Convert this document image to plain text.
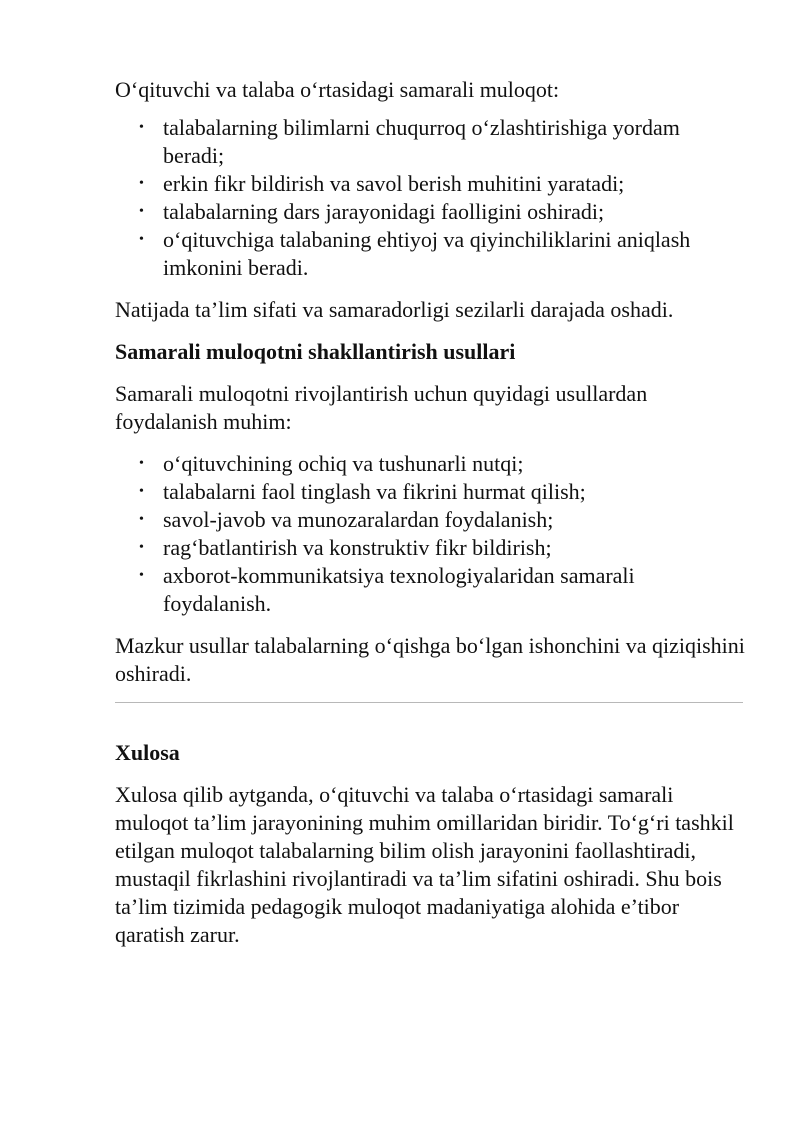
O‘qituvchi va talaba o‘rtasidagi samarali muloqot:

• talabalarning bilimlarni chuqurroq o‘zlashtirishiga yordam beradi;
• erkin fikr bildirish va savol berish muhitini yaratadi;
• talabalarning dars jarayonidagi faolligini oshiradi;
• o‘qituvchiga talabaning ehtiyoj va qiyinchiliklarini aniqlash imkonini beradi.

Natijada ta’lim sifati va samaradorligi sezilarli darajada oshadi.

Samarali muloqotni shakllantirish usullari

Samarali muloqotni rivojlantirish uchun quyidagi usullardan foydalanish muhim:

• o‘qituvchining ochiq va tushunarli nutqi;
• talabalarni faol tinglash va fikrini hurmat qilish;
• savol-javob va munozaralardan foydalanish;
• rag‘batlantirish va konstruktiv fikr bildirish;
• axborot-kommunikatsiya texnologiyalaridan samarali foydalanish.

Mazkur usullar talabalarning o‘qishga bo‘lgan ishonchini va qiziqishini oshiradi.

Xulosa

Xulosa qilib aytganda, o‘qituvchi va talaba o‘rtasidagi samarali muloqot ta’lim jarayonining muhim omillaridan biridir. To‘g‘ri tashkil etilgan muloqot talabalarning bilim olish jarayonini faollashtiradi, mustaqil fikrlashini rivojlantiradi va ta’lim sifatini oshiradi. Shu bois ta’lim tizimida pedagogik muloqot madaniyatiga alohida e’tibor qaratish zarur.
